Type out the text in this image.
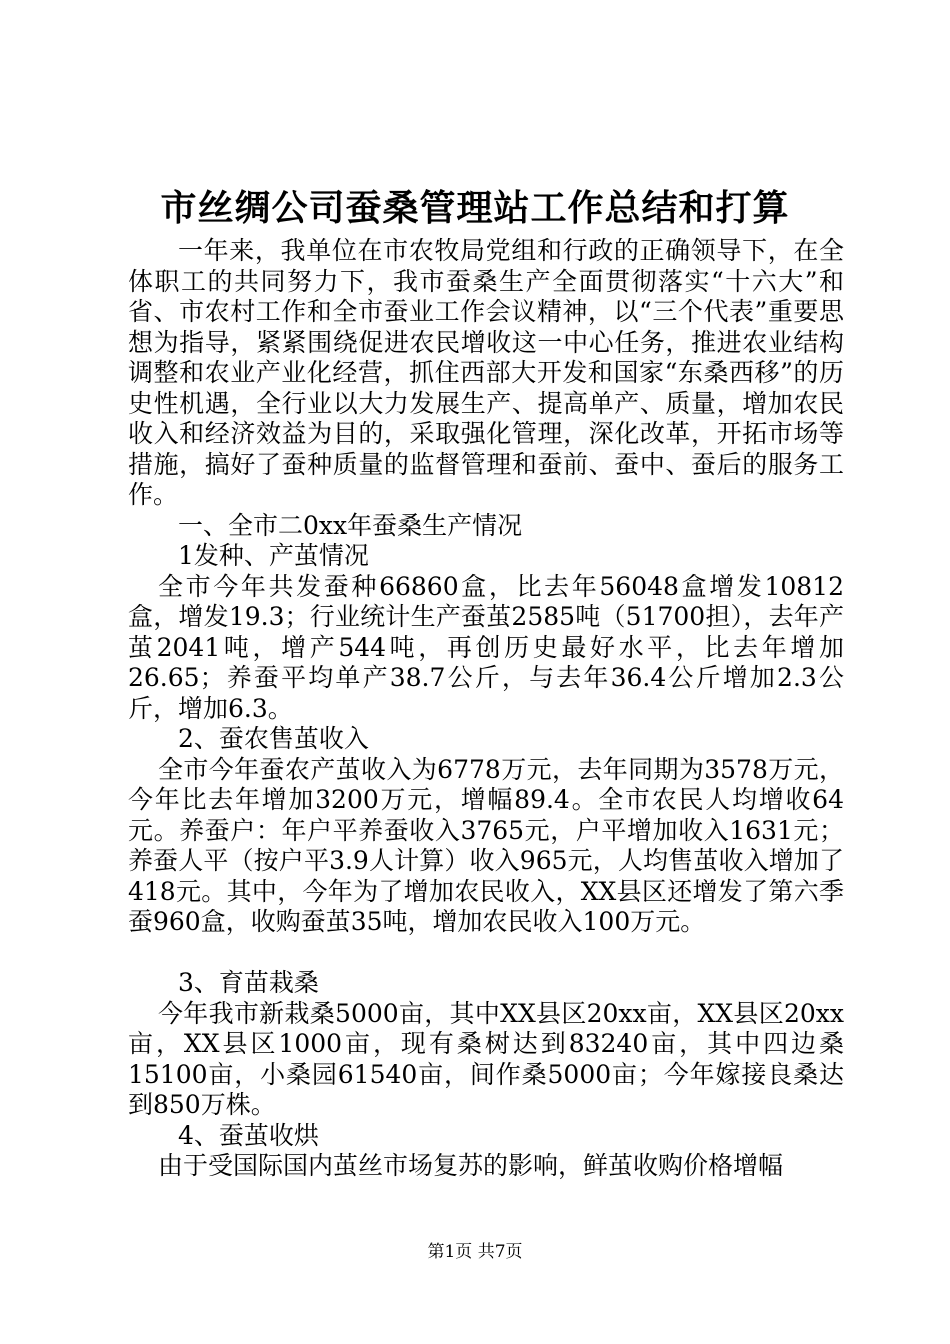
市丝绸公司蚕桑管理站工作总结和打算

一年来，我单位在市农牧局党组和行政的正确领导下，在全体职工的共同努力下，我市蚕桑生产全面贯彻落实“十六大”和省、市农村工作和全市蚕业工作会议精神，以“三个代表”重要思想为指导，紧紧围绕促进农民增收这一中心任务，推进农业结构调整和农业产业化经营，抓住西部大开发和国家“东桑西移”的历史性机遇，全行业以大力发展生产、提高单产、质量，增加农民收入和经济效益为目的，采取强化管理，深化改革，开拓市场等措施，搞好了蚕种质量的监督管理和蚕前、蚕中、蚕后的服务工作。

一、全市二0xx年蚕桑生产情况

1发种、产茧情况

全市今年共发蚕种66860盒，比去年56048盒增发10812盒，增发19.3；行业统计生产蚕茧2585吨（51700担），去年产茧2041吨，增产544吨，再创历史最好水平，比去年增加26.65；养蚕平均单产38.7公斤，与去年36.4公斤增加2.3公斤，增加6.3。

2、蚕农售茧收入

全市今年蚕农产茧收入为6778万元，去年同期为3578万元，今年比去年增加3200万元，增幅89.4。全市农民人均增收64元。养蚕户：年户平养蚕收入3765元，户平增加收入1631元；养蚕人平（按户平3.9人计算）收入965元，人均售茧收入增加了418元。其中，今年为了增加农民收入，XX县区还增发了第六季蚕960盒，收购蚕茧35吨，增加农民收入100万元。

3、育苗栽桑

今年我市新栽桑5000亩，其中XX县区20xx亩，XX县区20xx亩，XX县区1000亩，现有桑树达到83240亩，其中四边桑15100亩，小桑园61540亩，间作桑5000亩；今年嫁接良桑达到850万株。

4、蚕茧收烘

由于受国际国内茧丝市场复苏的影响，鲜茧收购价格增幅

第1页 共7页
